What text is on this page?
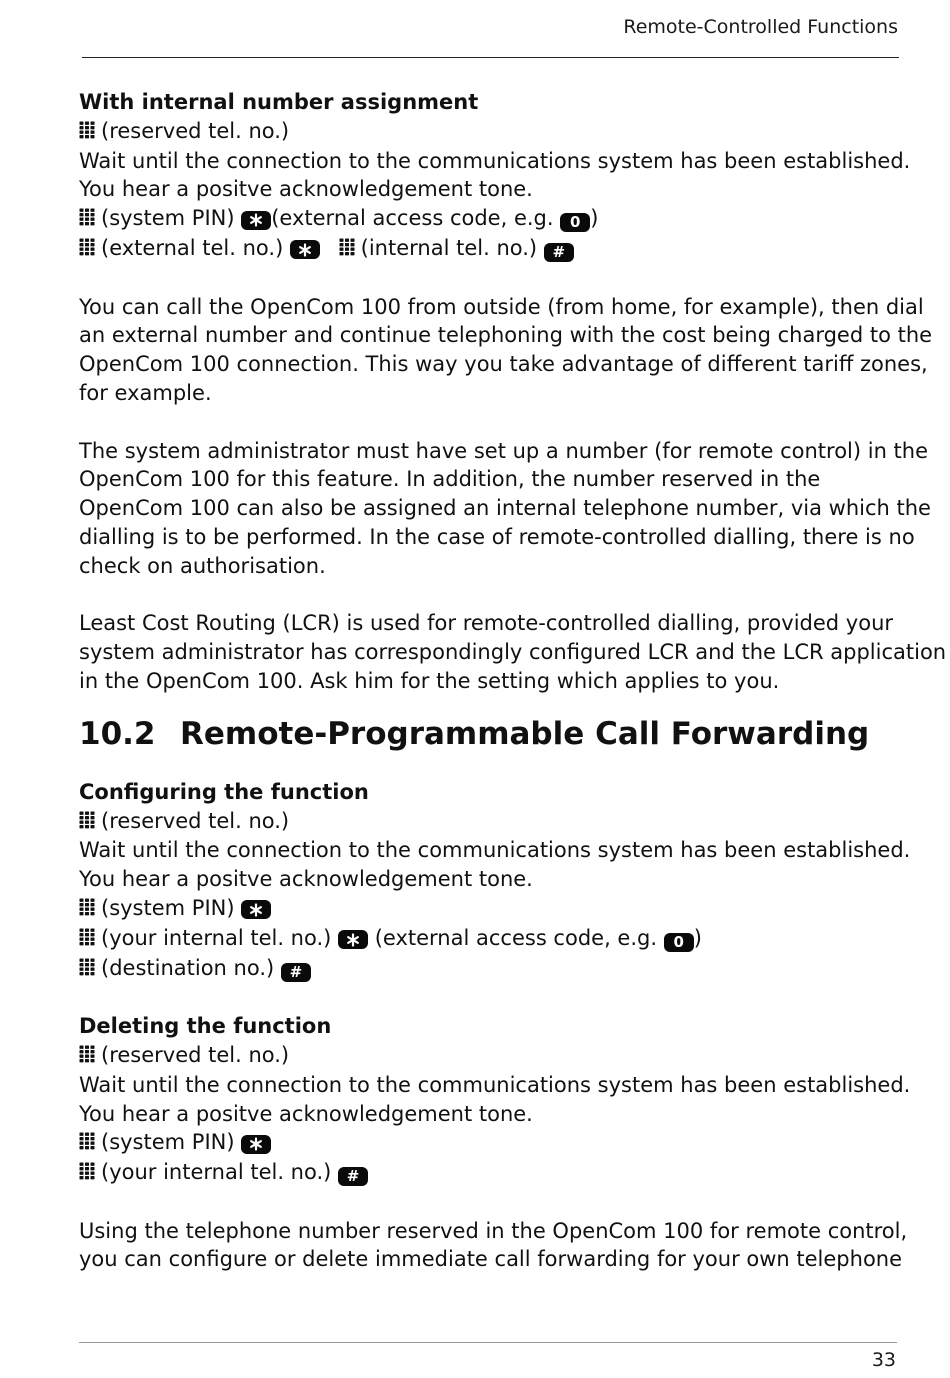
Remote-Controlled Functions
With internal number assignment
(reserved tel. no.)
Wait until the connection to the communications system has been established.
You hear a positve acknowledgement tone.
(system PIN) (external access code, e.g. 0 )
(external tel. no.)	(internal tel. no.) #
You can call the OpenCom 100 from outside (from home, for example), then dial
an external number and continue telephoning with the cost being charged to the
OpenCom 100 connection. This way you take advantage of different tariff zones,
for example.
The system administrator must have set up a number (for remote control) in the
OpenCom 100 for this feature. In addition, the number reserved in the
OpenCom 100 can also be assigned an internal telephone number, via which the
dialling is to be performed. In the case of remote-controlled dialling, there is no
check on authorisation.
Least Cost Routing (LCR) is used for remote-controlled dialling, provided your
system administrator has correspondingly configured LCR and the LCR application
in the OpenCom 100. Ask him for the setting which applies to you.
10.2 Remote-Programmable Call Forwarding
Configuring the function
(reserved tel. no.)
Wait until the connection to the communications system has been established.
You hear a positve acknowledgement tone.
(system PIN)
(your internal tel. no.) (external access code, e.g. 0 )
(destination no.) #
Deleting the function
(reserved tel. no.)
Wait until the connection to the communications system has been established.
You hear a positve acknowledgement tone.
(system PIN)
(your internal tel. no.) #
Using the telephone number reserved in the OpenCom 100 for remote control,
you can configure or delete immediate call forwarding for your own telephone
33
